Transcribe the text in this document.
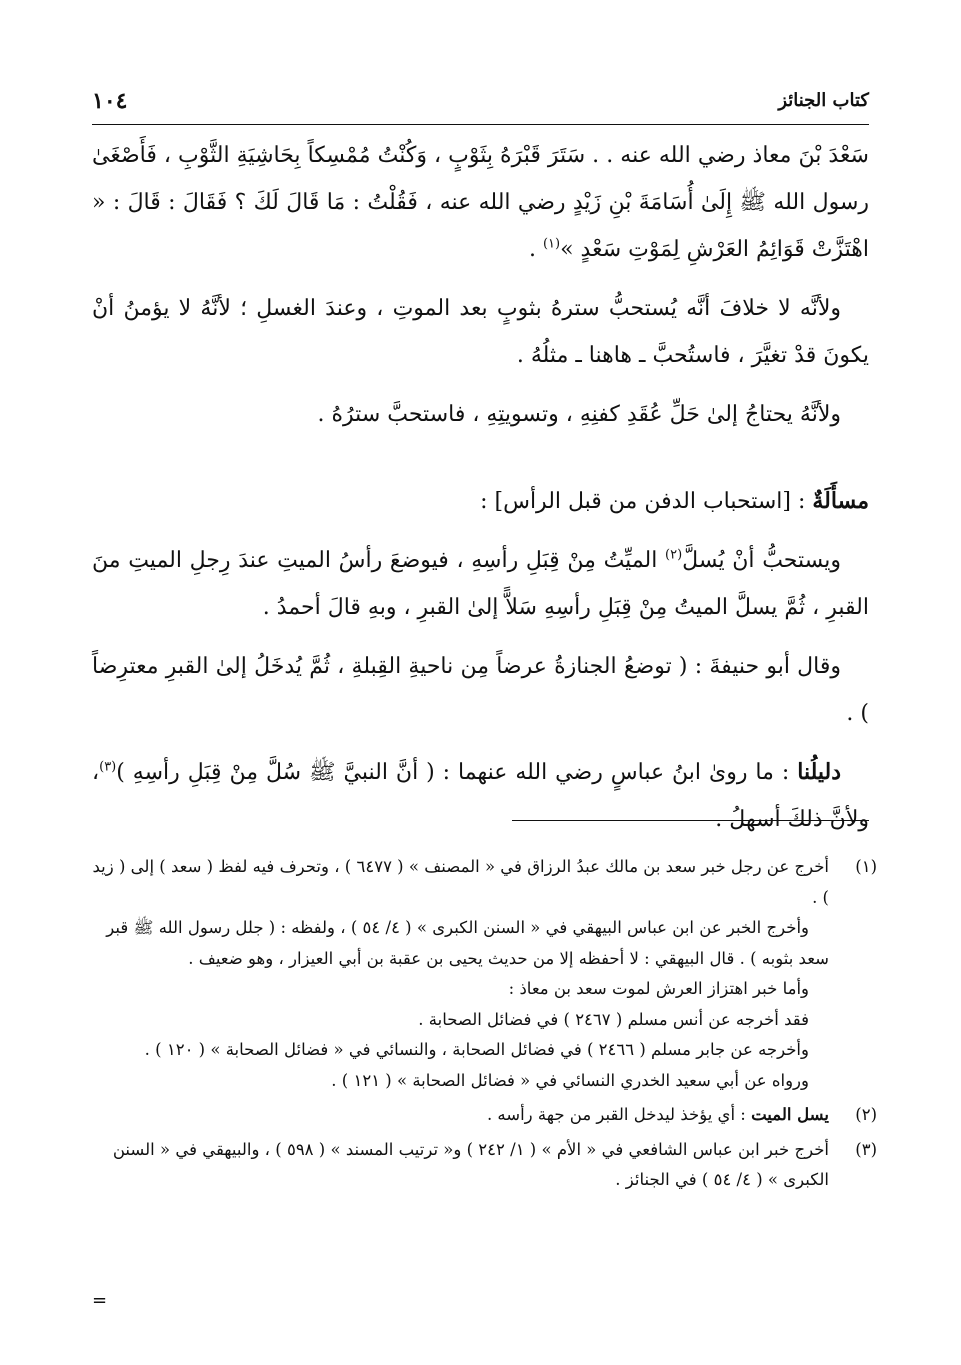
١٠٤	كتاب الجنائز

سَعْدَ بْنَ معاذ رضي الله عنه . . سَتَرَ قَبْرَهُ بِثَوْبٍ ، وَكُنْتُ مُمْسِكاً بِحَاشِيَةِ الثَّوْبِ ، فَأَصْغَىٰ رسول الله ﷺ إِلَىٰ أُسَامَةَ بْنِ زَيْدٍ رضي الله عنه ، فَقُلْتُ : مَا قَالَ لَكَ ؟ فَقَالَ : قَالَ : « اهْتَزَّتْ قَوَائِمُ العَرْشِ لِمَوْتِ سَعْدٍ »$^{(١)}$ .

ولأنَّه لا خلافَ أنَّه يُستحبُّ سترهُ بثوبٍ بعد الموتِ ، وعندَ الغسلِ ؛ لأنَّهُ لا يؤمنُ أنْ يكونَ قدْ تغيَّرَ ، فاستُحبَّ ـ هاهنا ـ مثلُهُ .

ولأنَّهُ يحتاجُ إلىٰ حَلِّ عُقَدِ كفنِهِ ، وتسويتِهِ ، فاستحبَّ سترُهُ .

مسأَلَةٌ : [استحباب الدفن من قبل الرأس] :

ويستحبُّ أنْ يُسلَّ$^{(٢)}$ الميِّتُ مِنْ قِبَلِ رأسِهِ ، فيوضعَ رأسُ الميتِ عندَ رِجلِ الميتِ منَ القبرِ ، ثُمَّ يسلَّ الميتُ مِنْ قِبَلِ رأسِهِ سَلاًّ إلىٰ القبرِ ، وبهِ قالَ أحمدُ .

وقال أبو حنيفةَ : ( توضعُ الجنازةُ عرضاً مِن ناحيةِ القِبلةِ ، ثُمَّ يُدخَلُ إلىٰ القبرِ معترِضاً ) .

دليلُنا : ما روىٰ ابنُ عباسٍ رضي الله عنهما : ( أنَّ النبيَّ ﷺ سُلَّ مِنْ قِبَلِ رأسِهِ )$^{(٣)}$، ولأنَّ ذلكَ أسهلُ .

(١)

أخرج عن رجل خبر سعد بن مالك عبدُ الرزاق في « المصنف » ( ٦٤٧٧ ) ، وتحرف فيه لفظ ( سعد ) إلى ( زيد ) .

وأخرج الخبر عن ابن عباس البيهقي في « السنن الكبرى » ( ٤/ ٥٤ ) ، ولفظه : ( جلل رسول الله ﷺ قبر سعد بثوبه ) . قال البيهقي : لا أحفظه إلا من حديث يحيى بن عقبة بن أبي العيزار ، وهو ضعيف .

وأما خبر اهتزاز العرش لموت سعد بن معاذ :

فقد أخرجه عن أنس مسلم ( ٢٤٦٧ ) في فضائل الصحابة .

وأخرجه عن جابر مسلم ( ٢٤٦٦ ) في فضائل الصحابة ، والنسائي في « فضائل الصحابة » ( ١٢٠ ) .

ورواه عن أبي سعيد الخدري النسائي في « فضائل الصحابة » ( ١٢١ ) .

(٢)

يسل الميت : أي يؤخذ ليدخل القبر من جهة رأسه .

(٣)

أخرج خبر ابن عباس الشافعي في « الأم » ( ١/ ٢٤٢ ) و« ترتيب المسند » ( ٥٩٨ ) ، والبيهقي في « السنن الكبرى » ( ٤/ ٥٤ ) في الجنائز .

=
